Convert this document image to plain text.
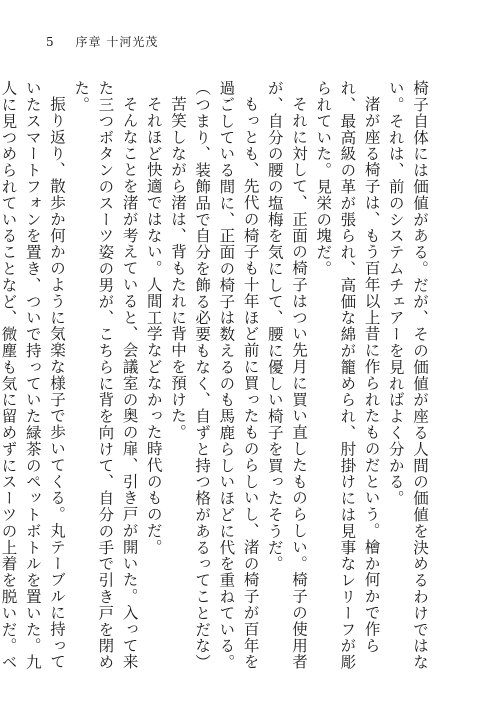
5 序章 十河光茂

椅子自体には価値がある。だが、その価値が座る人間の価値を決めるわけではない。それは、前のシステムチェアーを見ればよく分かる。

渚が座る椅子は、もう百年以上昔に作られたものだという。檜か何かで作られ、最高級の革が張られ、高価な綿が籠められ、肘掛けには見事なレリーフが彫られていた。見栄の塊だ。

それに対して、正面の椅子はつい先月に買い直したものらしい。椅子の使用者が、自分の腰の塩梅を気にして、腰に優しい椅子を買ったそうだ。

もっとも、先代の椅子も十年ほど前に買ったものらしいし、渚の椅子が百年を過ごしている間に、正面の椅子は数えるのも馬鹿らしいほどに代を重ねている。

（つまり、装飾品で自分を飾る必要もなく、自ずと持つ格があるってことだな）

苦笑しながら渚は、背もたれに背中を預けた。

それほど快適ではない。人間工学などなかった時代のものだ。

そんなことを渚が考えていると、会議室の奥の扉、引き戸が開いた。入って来た三つボタンのスーツ姿の男が、こちらに背を向けて、自分の手で引き戸を閉めた。

振り返り、散歩か何かのように気楽な様子で歩いてくる。丸テーブルに持っていたスマートフォンを置き、ついで持っていた緑茶のペットボトルを置いた。九人に見つめられていることなど、微塵も気に留めずにスーツの上着を脱いだ。ベ
